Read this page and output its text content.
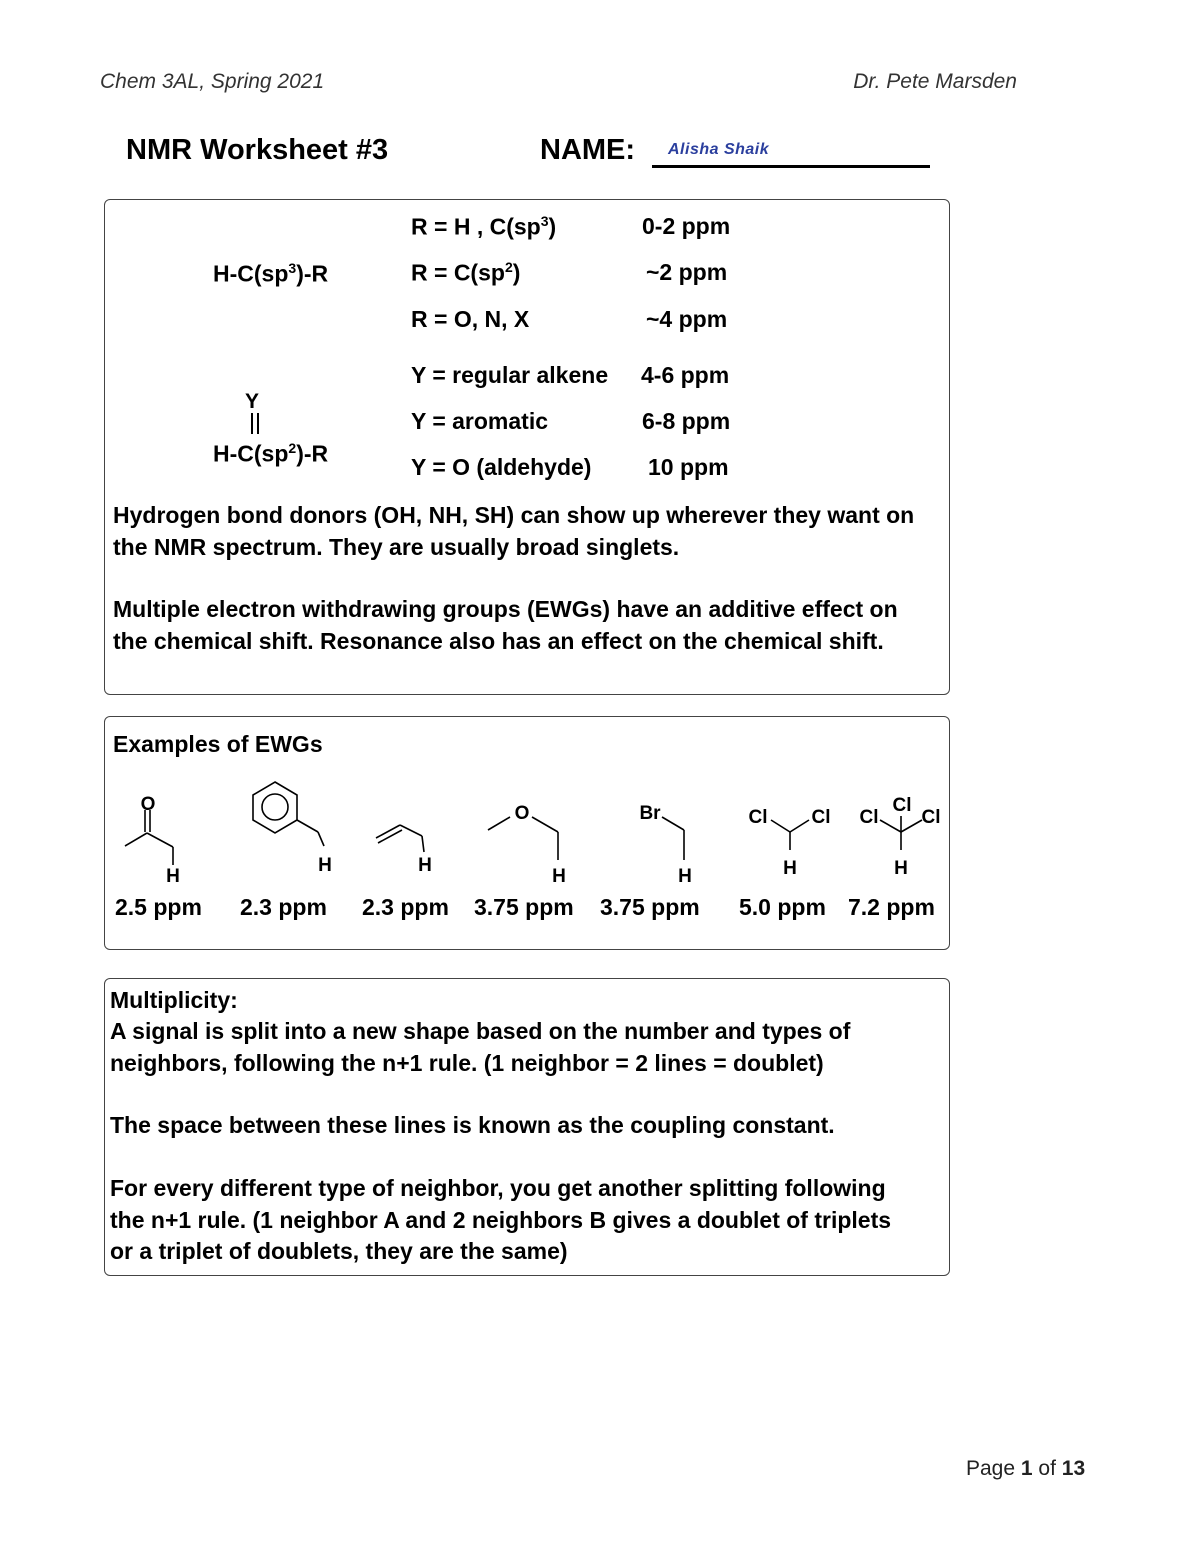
Chem 3AL, Spring 2021	Dr. Pete Marsden
NMR Worksheet #3	NAME: Alisha Shaik
$H-C(sp^3)-R$
R = H , $C(sp^3)$	0-2 ppm
$R = C(sp^2)$	~2 ppm
R = O, N, X	~4 ppm
Y
$H-C(sp^2)-R$
Y = regular alkene 4-6 ppm
Y = aromatic	6-8 ppm
Y = O (aldehyde) 10 ppm
Hydrogen bond donors (OH, NH, SH) can show up wherever they want on the NMR spectrum. They are usually broad singlets.
Multiple electron withdrawing groups (EWGs) have an additive effect on the chemical shift. Resonance also has an effect on the chemical shift.
Examples of EWGs
O
H
H	H
O
H
Br
H
Cl Cl
H
Cl
Cl
Cl
H
2.5 ppm 2.3 ppm 2.3 ppm 3.75 ppm 3.75 ppm 5.0 ppm 7.2 ppm
Multiplicity:
A signal is split into a new shape based on the number and types of neighbors, following the n+1 rule. (1 neighbor = 2 lines = doublet)
The space between these lines is known as the coupling constant.
For every different type of neighbor, you get another splitting following the n+1 rule. (1 neighbor A and 2 neighbors B gives a doublet of triplets or a triplet of doublets, they are the same)
Page 1 of 13
